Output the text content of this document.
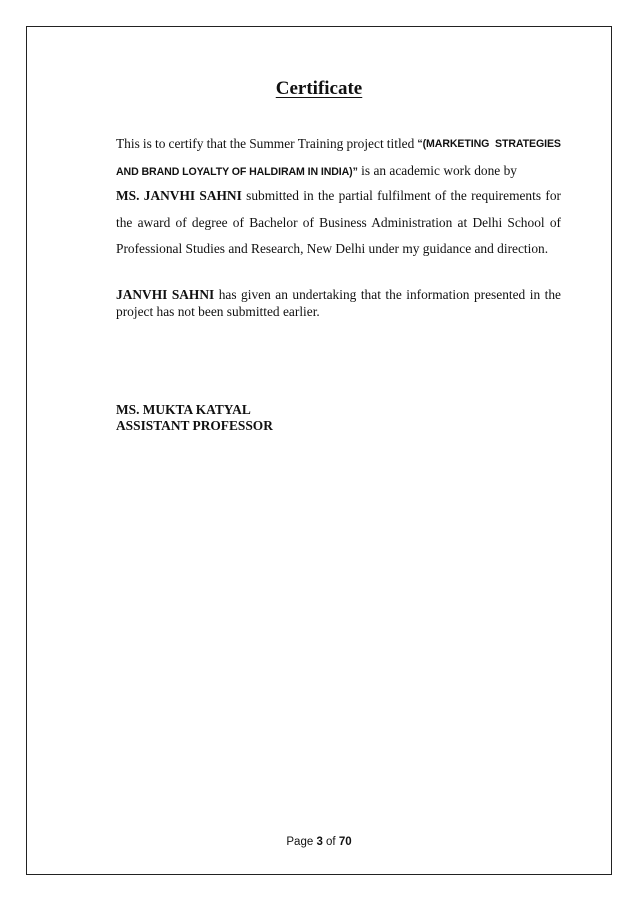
Certificate
This is to certify that the Summer Training project titled “(MARKETING  STRATEGIES
AND BRAND LOYALTY OF HALDIRAM IN INDIA)” is an academic work done by
MS. JANVHI SAHNI submitted in the partial fulfilment of the requirements for the award of degree of Bachelor of Business Administration at Delhi School of Professional Studies and Research, New Delhi under my guidance and direction.
JANVHI SAHNI has given an undertaking that the information presented in the project has not been submitted earlier.
MS. MUKTA KATYAL
ASSISTANT PROFESSOR
Page 3 of 70
